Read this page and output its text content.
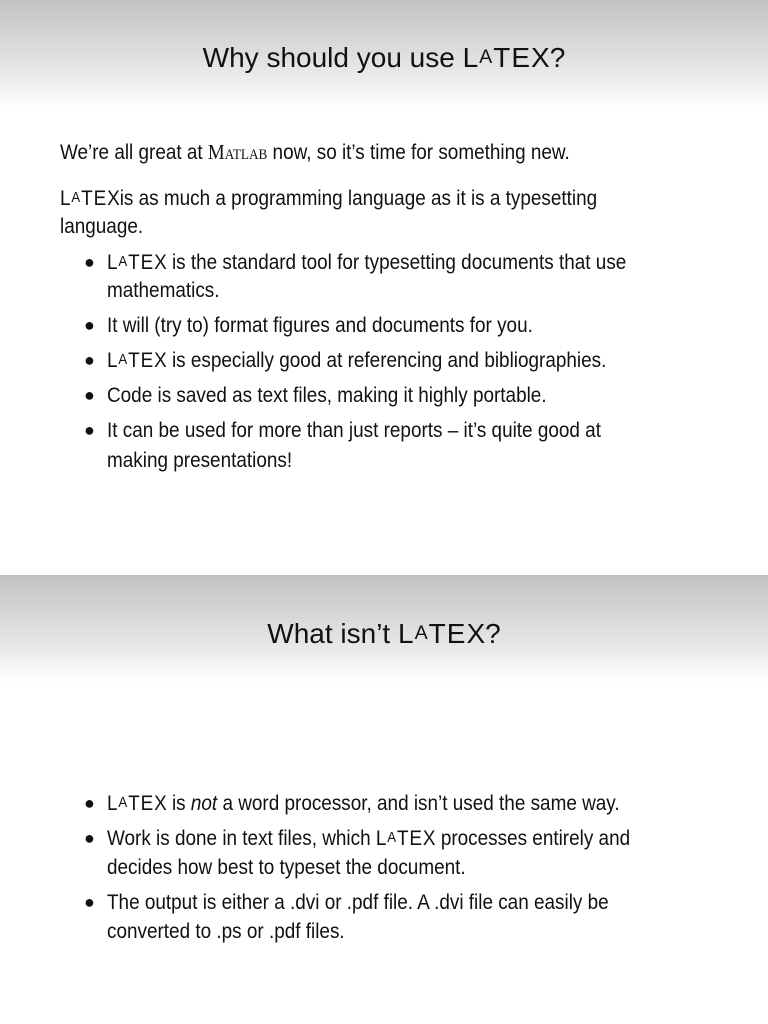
Why should you use LATEX?
We’re all great at Matlab now, so it’s time for something new.
LATEXis as much a programming language as it is a typesetting
language.
● LATEX is the standard tool for typesetting documents that use
mathematics.
● It will (try to) format figures and documents for you.
● LATEX is especially good at referencing and bibliographies.
● Code is saved as text files, making it highly portable.
● It can be used for more than just reports – it’s quite good at
making presentations!
What isn’t LATEX?
● LATEX is not a word processor, and isn’t used the same way.
● Work is done in text files, which LATEX processes entirely and
decides how best to typeset the document.
● The output is either a .dvi or .pdf file. A .dvi file can easily be
converted to .ps or .pdf files.
